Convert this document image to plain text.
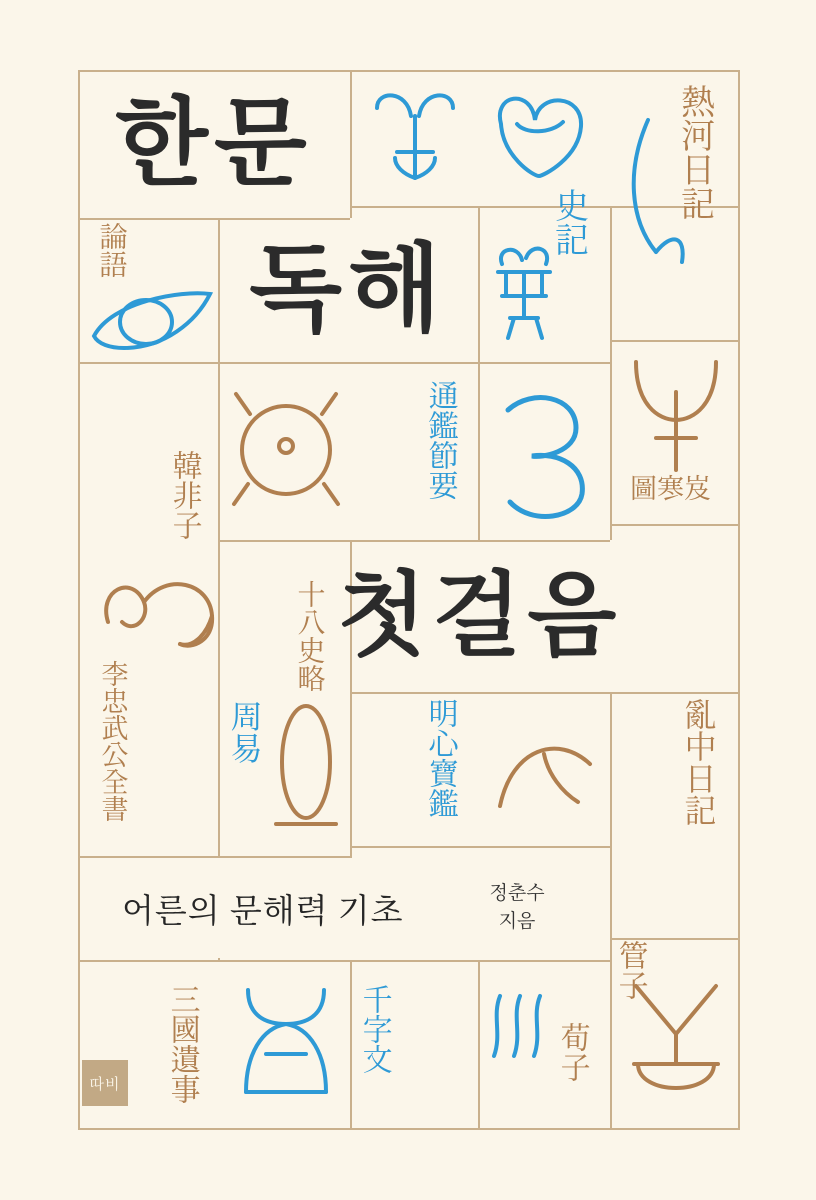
論語	史記
熱河日記
韓非子	通鑑節要	圖寒岌
李忠武公全書
十八史略
周易	明心寶鑑	亂中日記
管子
三國遺事	千字文	荀子
한문
독해
첫걸음
어른의 문해력 기초
정춘수
지음
따비
